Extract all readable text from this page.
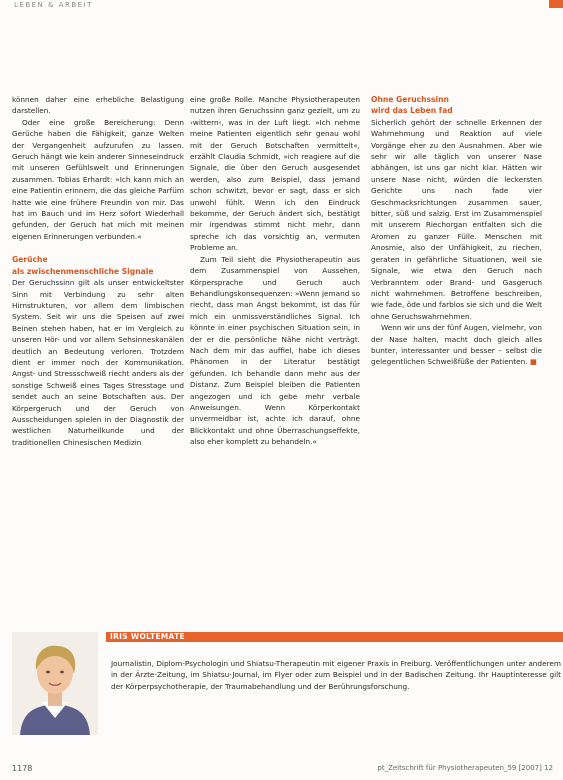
LEBEN & ARBEIT

können daher eine erhebliche Belastigung darstellen.

Oder eine große Bereicherung: Denn Gerüche haben die Fähigkeit, ganze Welten der Vergangenheit aufzurufen zu lassen. Geruch hängt wie kein anderer Sinneseindruck mit unseren Gefühlswelt und Erinnerungen zusammen. Tobias Erhardt: »Ich kann mich an eine Patientin erinnern, die das gleiche Parfüm hatte wie eine frühere Freundin von mir. Das hat im Bauch und im Herz sofort Wiederhall gefunden, der Geruch hat mich mit meinen eigenen Erinnerungen verbunden.«

Gerüche

als zwischenmenschliche Signale

Der Geruchssinn gilt als unser entwickeltster Sinn mit Verbindung zu sehr alten Hirnstrukturen, vor allem dem limbischen System. Seit wir uns die Speisen auf zwei Beinen stehen haben, hat er im Vergleich zu unseren Hör- und vor allem Sehsinneskanälen deutlich an Bedeutung verloren. Trotzdem dient er immer noch der Kommunikation. Angst- und Stressschweiß riecht anders als der sonstige Schweiß eines Tages Stresstage und sendet auch an seine Botschaften aus. Der Körpergeruch und der Geruch von Ausscheidungen spielen in der Diagnostik der westlichen Naturheilkunde und der traditionellen Chinesischen Medizin

eine große Rolle. Manche Physiotherapeuten nutzen ihren Geruchssinn ganz gezielt, um zu ›wittern‹, was in der Luft liegt. »Ich nehme meine Patienten eigentlich sehr genau wohl mit der Geruch Botschaften vermittelt«, erzählt Claudia Schmidt, »ich reagiere auf die Signale, die über den Geruch ausgesendet werden, also zum Beispiel, dass jemand schon schwitzt, bevor er sagt, dass er sich unwohl fühlt. Wenn ich den Eindruck bekomme, der Geruch ändert sich, bestätigt mir irgendwas stimmt nicht mehr, dann spreche ich das vorsichtig an, vermuten Probleme an.

Zum Teil sieht die Physiotherapeutin aus dem Zusammenspiel von Aussehen, Körpersprache und Geruch auch Behandlungskonsequenzen: »Wenn jemand so riecht, dass man Angst bekommt, ist das für mich ein unmissverständliches Signal. Ich könnte in einer psychischen Situation sein, in der er die persönliche Nähe nicht verträgt. Nach dem mir das auffiel, habe ich dieses Phänomen in der Literatur bestätigt gefunden. Ich behandle dann mehr aus der Distanz. Zum Beispiel bleiben die Patienten angezogen und ich gebe mehr verbale Anweisungen. Wenn Körperkontakt unvermeidbar ist, achte ich darauf, ohne Blickkontakt und ohne Überraschungseffekte, also eher komplett zu behandeln.«

Ohne Geruchssinn

wird das Leben fad

Sicherlich gehört der schnelle Erkennen der Wahrnehmung und Reaktion auf viele Vorgänge eher zu den Ausnahmen. Aber wie sehr wir alle täglich von unserer Nase abhängen, ist uns gar nicht klar. Hätten wir unsere Nase nicht, würden die leckersten Gerichte uns nach fade vier Geschmacksrichtungen zusammen sauer, bitter, süß und salzig. Erst im Zusammenspiel mit unserem Riechorgan entfalten sich die Aromen zu ganzer Fülle. Menschen mit Anosmie, also der Unfähigkeit, zu riechen, geraten in gefährliche Situationen, weil sie Signale, wie etwa den Geruch nach Verbranntem oder Brand- und Gasgeruch nicht wahrnehmen. Betroffene beschreiben, wie fade, öde und farblos sie sich und die Welt ohne Geruchswahrnehmen.

Wenn wir uns der fünf Augen, vielmehr, von der Nase halten, macht doch gleich alles bunter, interessanter und besser – selbst die gelegentlichen Schweißfüße der Patienten. ■

IRIS WOLTEMATE
Journalistin, Diplom-Psychologin und Shiatsu-Therapeutin mit eigener Praxis in Freiburg. Veröffentlichungen unter anderem in der Ärzte-Zeitung, im Shiatsu-Journal, im Flyer oder zum Beispiel und in der Badischen Zeitung. Ihr Hauptinteresse gilt der Körperpsychotherapie, der Traumabehandlung und der Berührungsforschung.
1178	pt_Zeitschrift für Physiotherapeuten_59 [2007] 12
